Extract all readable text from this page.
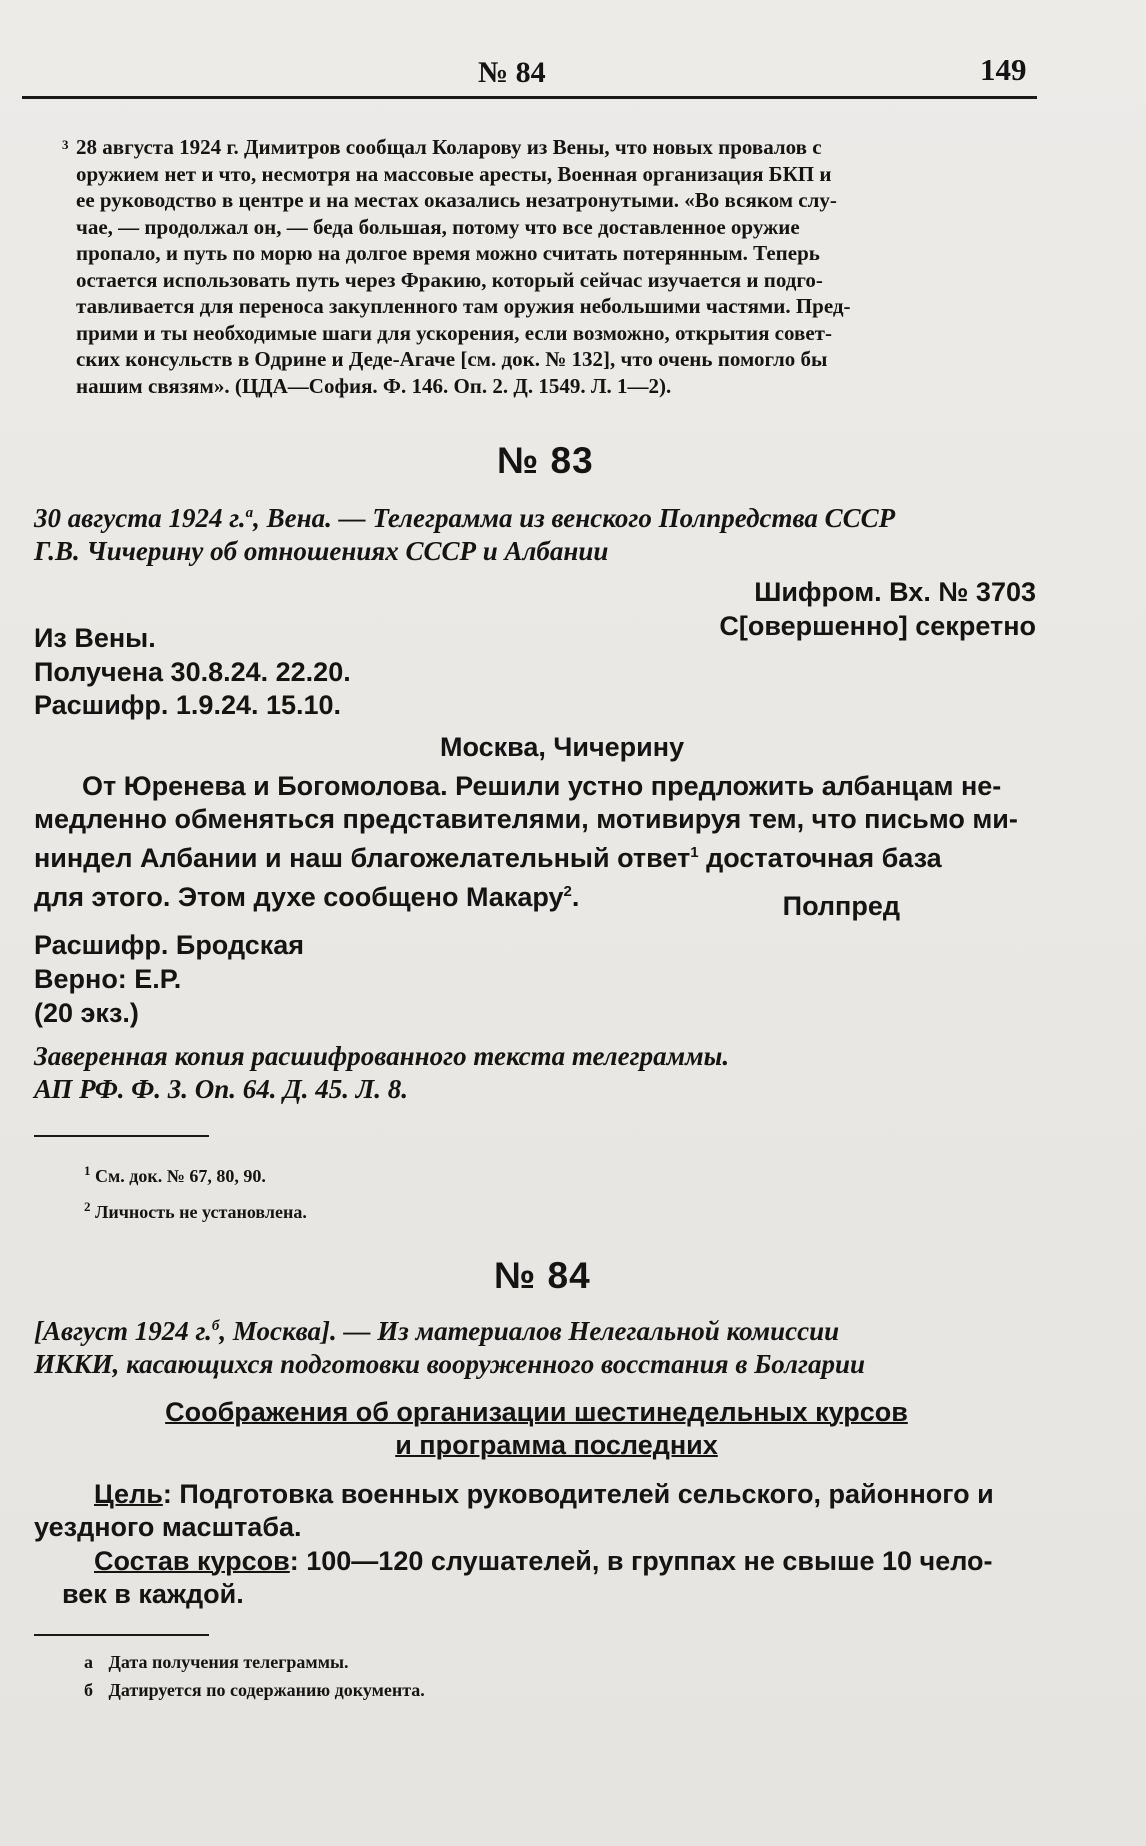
№ 84	149
3 28 августа 1924 г. Димитров сообщал Коларову из Вены, что новых провалов с
оружием нет и что, несмотря на массовые аресты, Военная организация БКП и
ее руководство в центре и на местах оказались незатронутыми. «Во всяком слу-
чае, — продолжал он, — беда большая, потому что все доставленное оружие
пропало, и путь по морю на долгое время можно считать потерянным. Теперь
остается использовать путь через Фракию, который сейчас изучается и подго-
тавливается для переноса закупленного там оружия небольшими частями. Пред-
прими и ты необходимые шаги для ускорения, если возможно, открытия совет-
ских консульств в Одрине и Деде-Агаче [см. док. № 132], что очень помогло бы
нашим связям». (ЦДА—София. Ф. 146. Оп. 2. Д. 1549. Л. 1—2).
№ 83
30 августа 1924 г.$^а$, Вена. — Телеграмма из венского Полпредства СССР
Г.В. Чичерину об отношениях СССР и Албании
Шифром. Вх. № 3703
С[овершенно] секретно
Из Вены.
Получена 30.8.24. 22.20.
Расшифр. 1.9.24. 15.10.
Москва, Чичерину
От Юренева и Богомолова. Решили устно предложить албанцам не-
медленно обменяться представителями, мотивируя тем, что письмо ми-
ниндел Албании и наш благожелательный ответ$^1$ достаточная база
для этого. Этом духе сообщено Макару$^2$.	Полпред
Расшифр. Бродская
Верно: Е.Р.
(20 экз.)
Заверенная копия расшифрованного текста телеграммы.
АП РФ. Ф. 3. Оп. 64. Д. 45. Л. 8.
$^1$ См. док. № 67, 80, 90.
$^2$ Личность не установлена.
№ 84
[Август 1924 г.$^б$, Москва]. — Из материалов Нелегальной комиссии
ИККИ, касающихся подготовки вооруженного восстания в Болгарии
Соображения об организации шестинедельных курсов
и программа последних
Цель: Подготовка военных руководителей сельского, районного и
уездного масштаба.
Состав курсов: 100—120 слушателей, в группах не свыше 10 чело-
век в каждой.
а Дата получения телеграммы.
б Датируется по содержанию документа.
